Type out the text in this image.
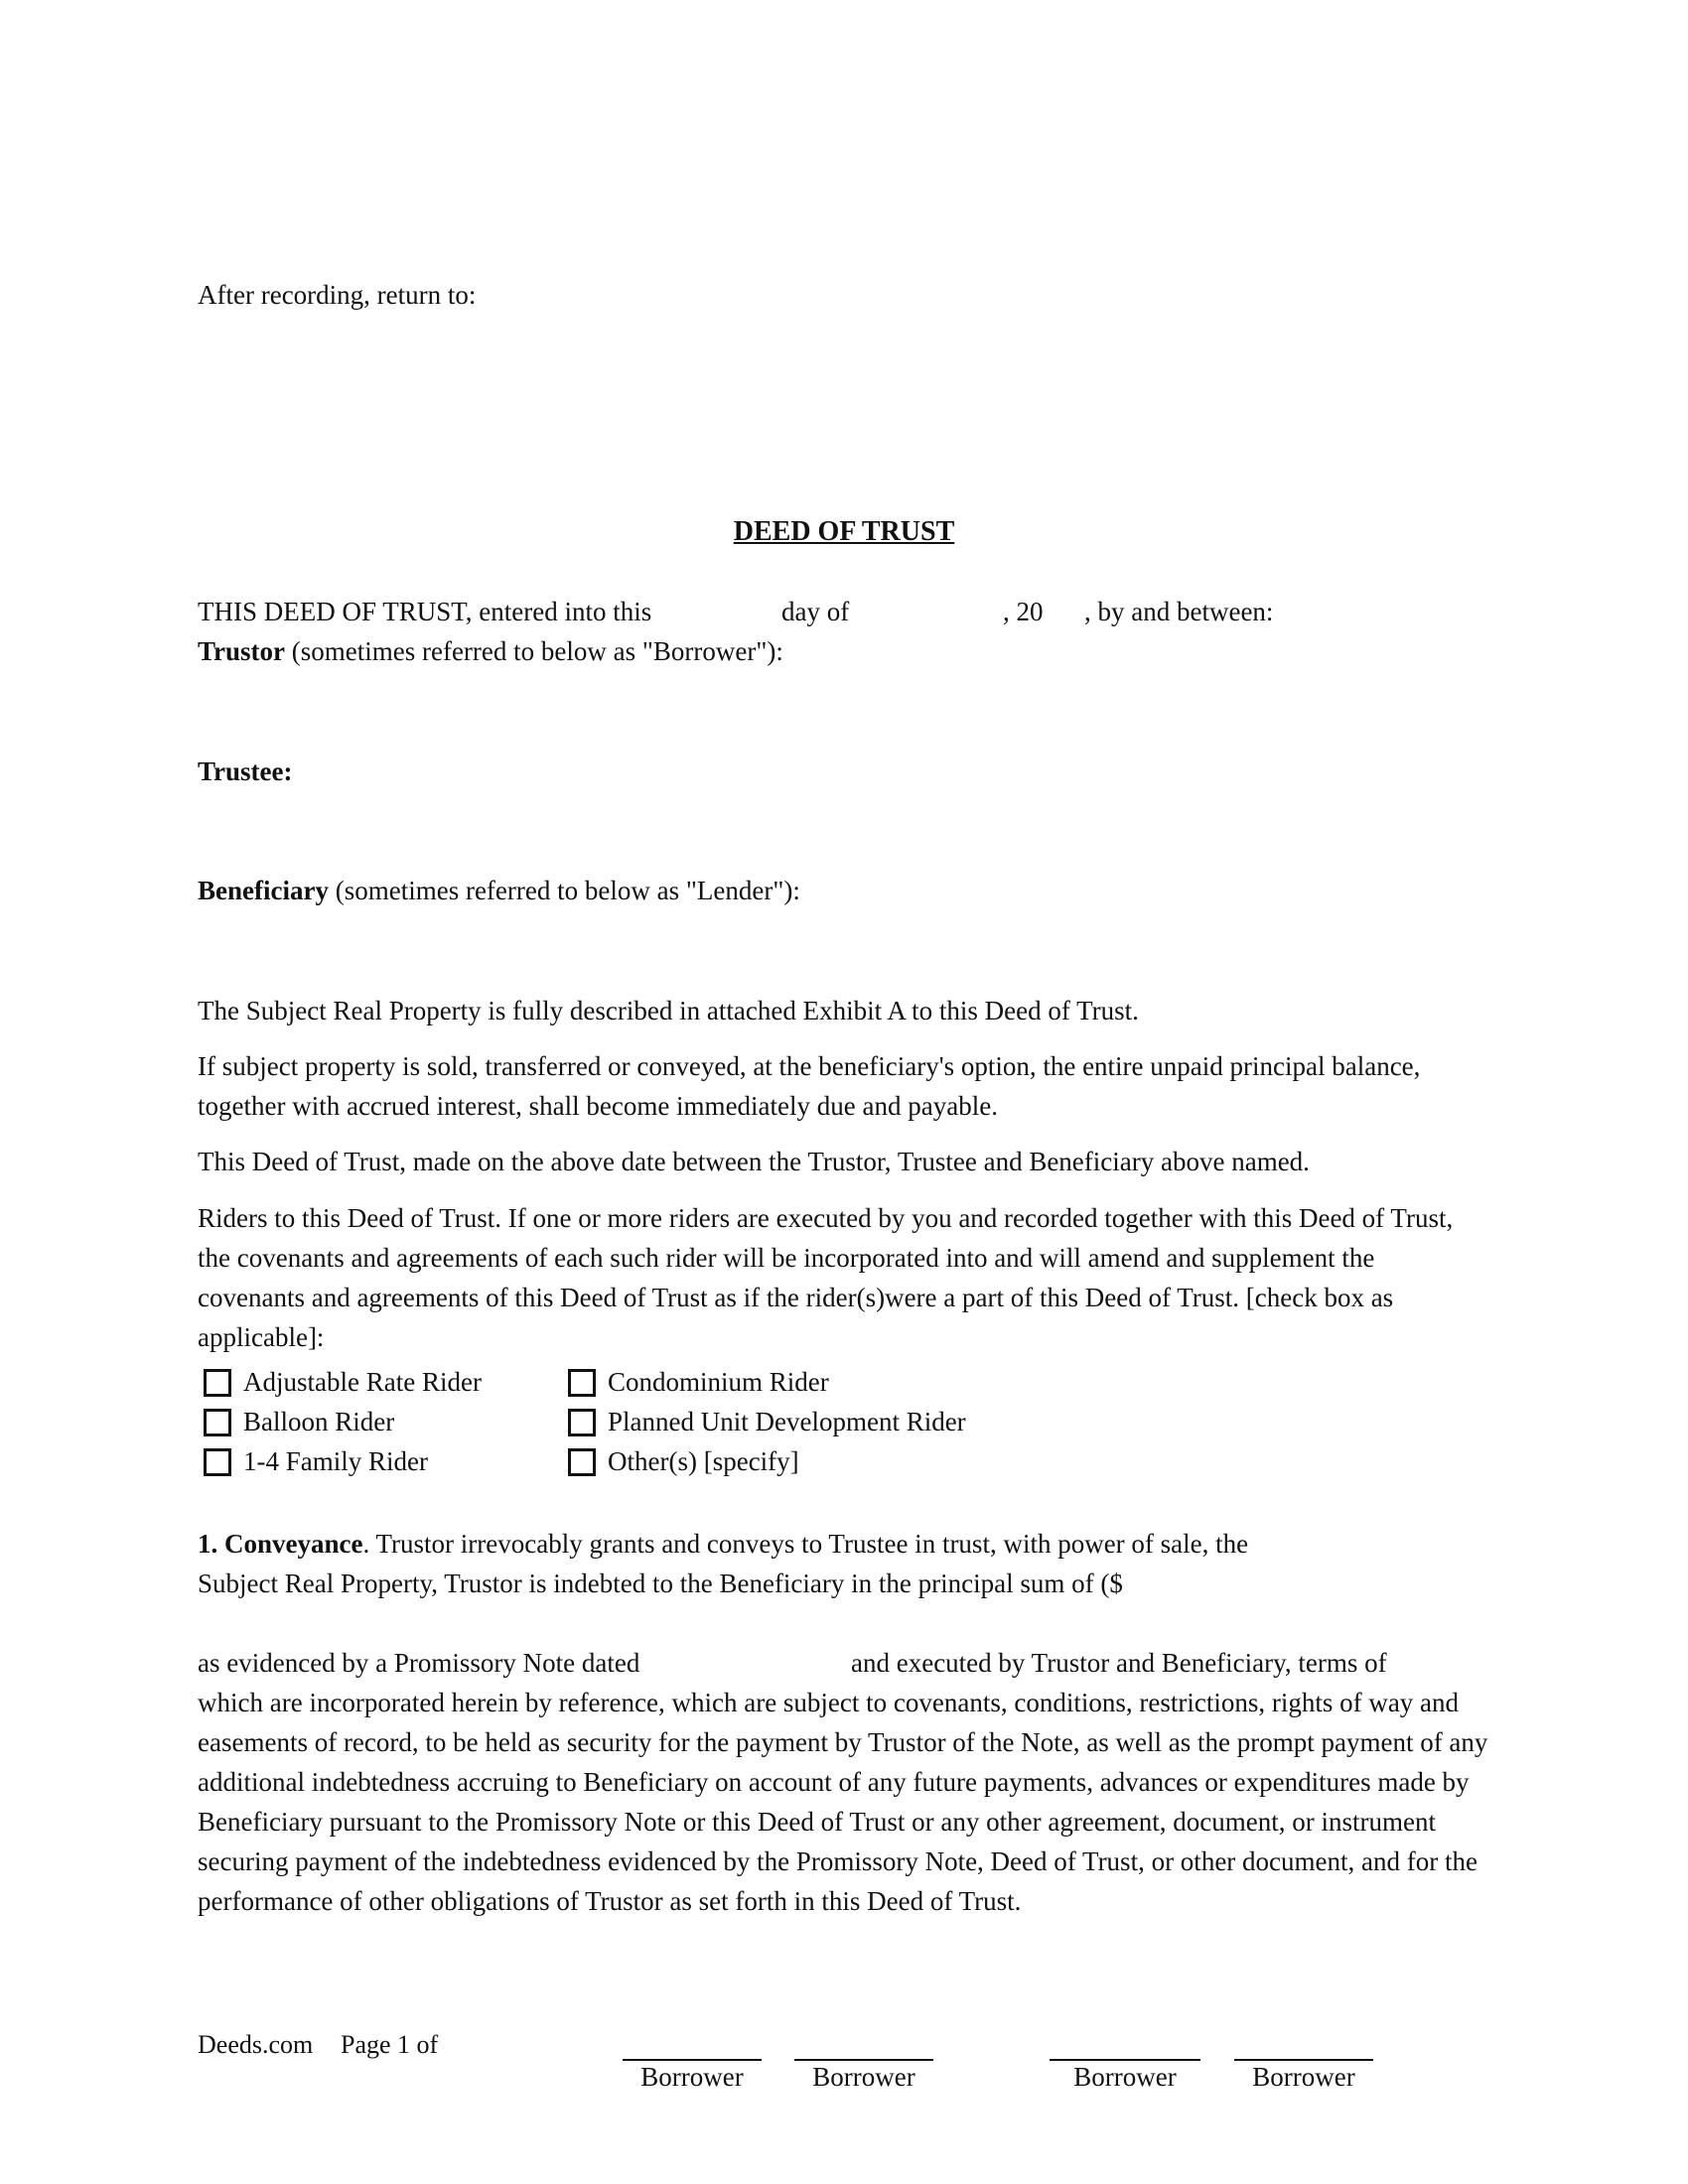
After recording, return to:
DEED OF TRUST
THIS DEED OF TRUST, entered into this	day of	, 20 , by and between:
Trustor (sometimes referred to below as "Borrower"):
Trustee:
Beneficiary (sometimes referred to below as "Lender"):
The Subject Real Property is fully described in attached Exhibit A to this Deed of Trust.
If subject property is sold, transferred or conveyed, at the beneficiary's option, the entire unpaid principal balance, together with accrued interest, shall become immediately due and payable.
This Deed of Trust, made on the above date between the Trustor, Trustee and Beneficiary above named.
Riders to this Deed of Trust. If one or more riders are executed by you and recorded together with this Deed of Trust, the covenants and agreements of each such rider will be incorporated into and will amend and supplement the covenants and agreements of this Deed of Trust as if the rider(s)were a part of this Deed of Trust. [check box as applicable]:
Adjustable Rate Rider	Condominium Rider
Balloon Rider	Planned Unit Development Rider
1-4 Family Rider	Other(s) [specify]
1. Conveyance. Trustor irrevocably grants and conveys to Trustee in trust, with power of sale, the
Subject Real Property, Trustor is indebted to the Beneficiary in the principal sum of ($
as evidenced by a Promissory Note dated	and executed by Trustor and Beneficiary, terms of
which are incorporated herein by reference, which are subject to covenants, conditions, restrictions, rights of way and easements of record, to be held as security for the payment by Trustor of the Note, as well as the prompt payment of any additional indebtedness accruing to Beneficiary on account of any future payments, advances or expenditures made by Beneficiary pursuant to the Promissory Note or this Deed of Trust or any other agreement, document, or instrument securing payment of the indebtedness evidenced by the Promissory Note, Deed of Trust, or other document, and for the performance of other obligations of Trustor as set forth in this Deed of Trust.
Deeds.com Page 1 of
Borrower	Borrower	Borrower	Borrower
